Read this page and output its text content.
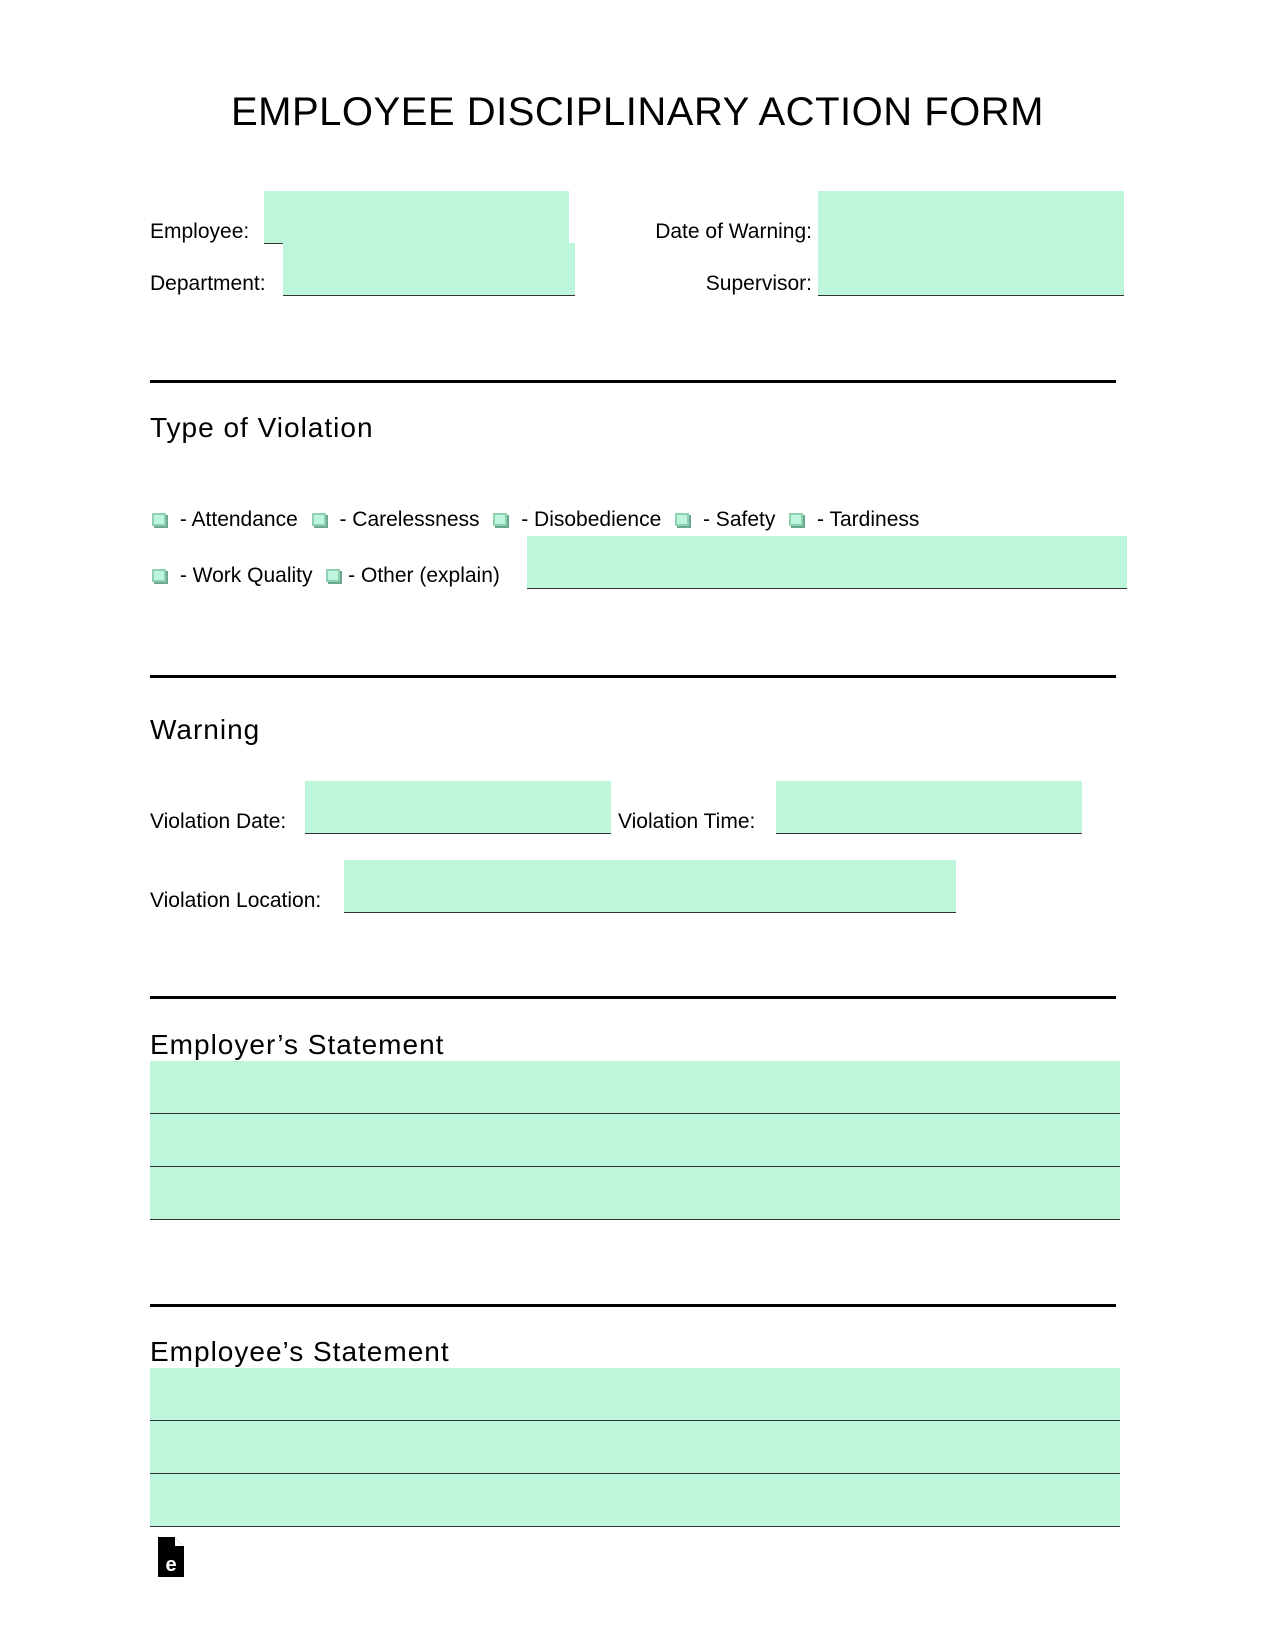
EMPLOYEE DISCIPLINARY ACTION FORM
Employee:
Department:
Date of Warning:
Supervisor:
Type of Violation
- Attendance - Carelessness - Disobedience - Safety - Tardiness
- Work Quality - Other (explain)
Warning
Violation Date:	Violation Time:
Violation Location:
Employer’s Statement
Employee’s Statement
e
